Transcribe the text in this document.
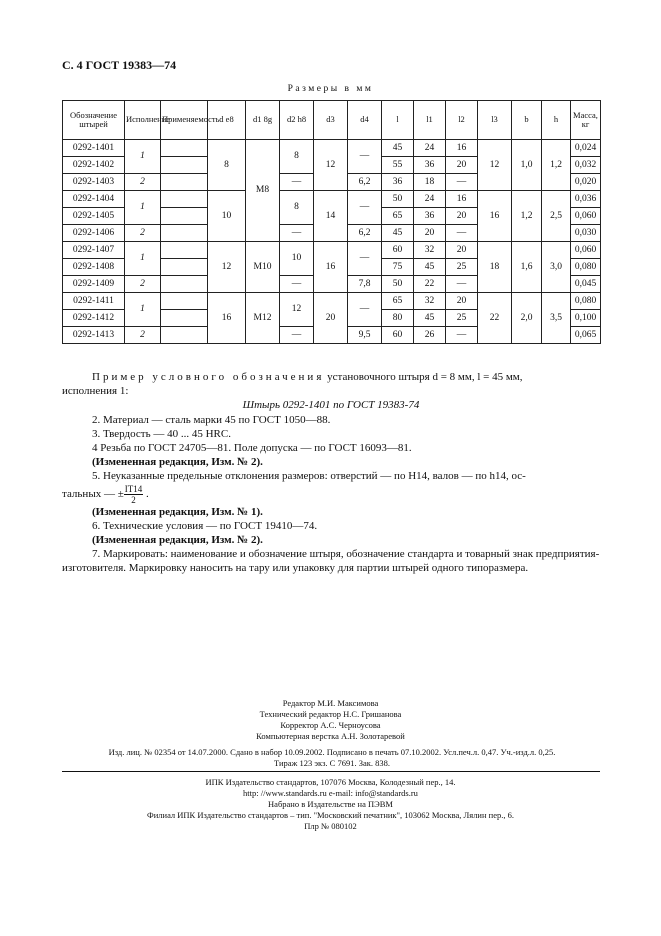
С. 4 ГОСТ 19383—74
Размеры в мм
Обозначение штырей	Исполнение	Применяемость	d e8	d1 8g	d2 h8	d3	d4	l	l1	l2	l3	b	h	Масса, кг
0292-1401	1		8	M8	8	12	—	45	24	16	12	1,0	1,2	0,024
0292-1402								55	36	20				0,032
0292-1403	2				—		6,2	36	18	—				0,020
0292-1404	1		10		8	14	—	50	24	16	16	1,2	2,5	0,036
0292-1405								65	36	20				0,060
0292-1406	2				—		6,2	45	20	—				0,030
0292-1407	1		12	M10	10	16	—	60	32	20	18	1,6	3,0	0,060
0292-1408								75	45	25				0,080
0292-1409	2				—		7,8	50	22	—				0,045
0292-1411	1		16	M12	12	20	—	65	32	20	22	2,0	3,5	0,080
0292-1412								80	45	25				0,100
0292-1413	2				—		9,5	60	26	—				0,065

Пример условного обозначения установочного штыря d = 8 мм, l = 45 мм,

исполнения 1:

Штырь 0292-1401 по ГОСТ 19383-74

2. Материал — сталь марки 45 по ГОСТ 1050—88.

3. Твердость — 40 ... 45 HRC.

4 Резьба по ГОСТ 24705—81. Поле допуска — по ГОСТ 16093—81.

(Измененная редакция, Изм. № 2).

5. Неуказанные предельные отклонения размеров: отверстий — по H14, валов — по h14, ос-

тальных — ± $\frac{IT14}{2}$ .

(Измененная редакция, Изм. № 1).

6. Технические условия — по ГОСТ 19410—74.

(Измененная редакция, Изм. № 2).

7. Маркировать: наименование и обозначение штыря, обозначение стандарта и товарный знак предприятия-изготовителя. Маркировку наносить на тару или упаковку для партии штырей одного типоразмера.

Редактор М.И. Максимова
Технический редактор Н.С. Гришанова
Корректор А.С. Черноусова
Компьютерная верстка А.Н. Золотаревой
Изд. лиц. № 02354 от 14.07.2000. Сдано в набор 10.09.2002. Подписано в печать 07.10.2002. Усл.печ.л. 0,47. Уч.-изд.л. 0,25.
Тираж 123 экз. С 7691. Зак. 838.
ИПК Издательство стандартов, 107076 Москва, Колодезный пер., 14.
http: //www.standards.ru e-mail: info@standards.ru
Набрано в Издательстве на ПЭВМ
Филиал ИПК Издательство стандартов – тип. "Московский печатник", 103062 Москва, Лялин пер., 6.
Плр № 080102
